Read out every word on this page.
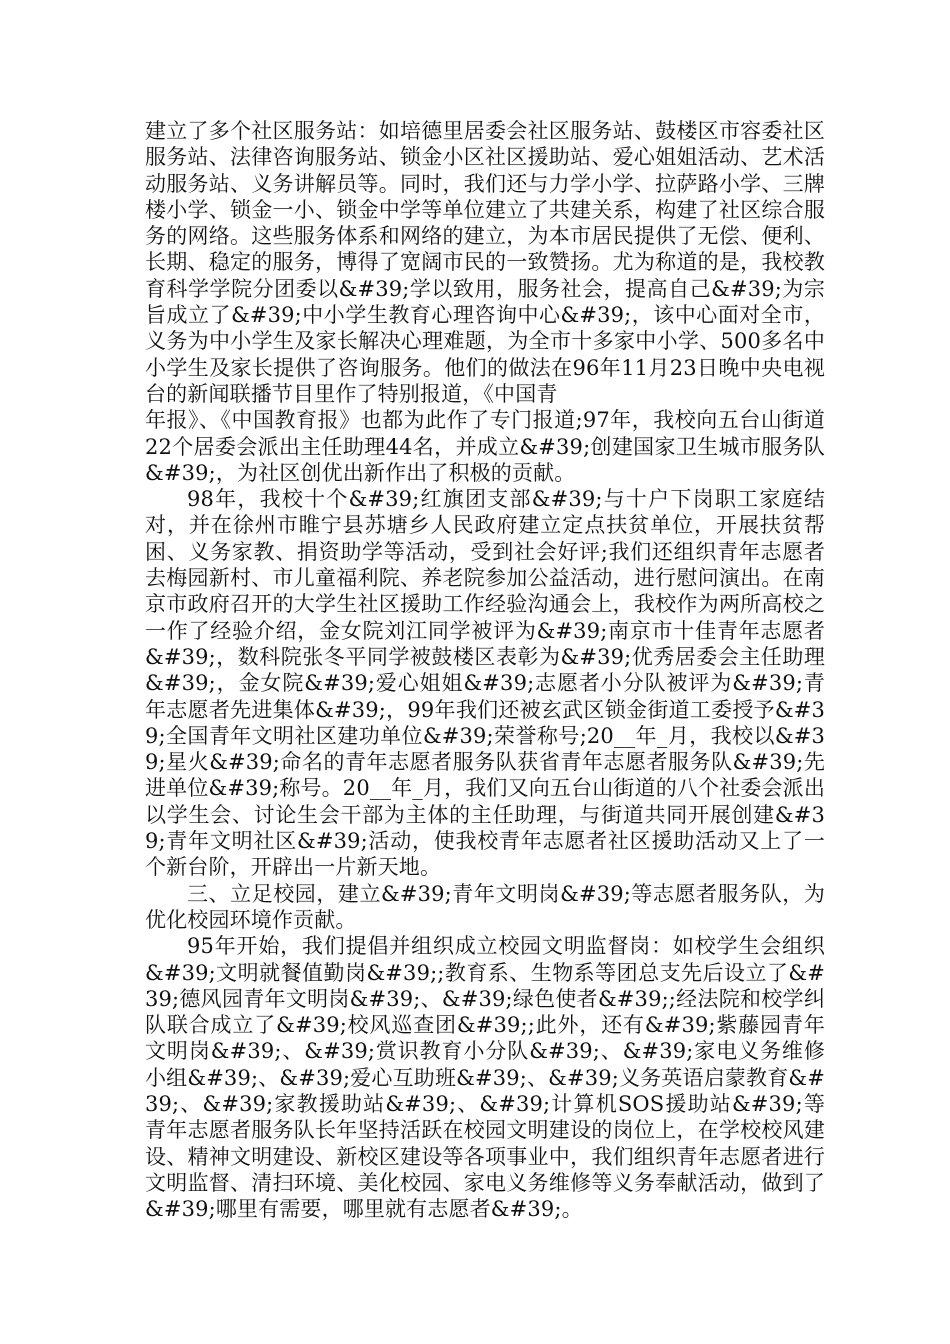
建立了多个社区服务站：如培德里居委会社区服务站、鼓楼区市容委社区服务站、法律咨询服务站、锁金小区社区援助站、爱心姐姐活动、艺术活动服务站、义务讲解员等。同时，我们还与力学小学、拉萨路小学、三牌楼小学、锁金一小、锁金中学等单位建立了共建关系，构建了社区综合服务的网络。这些服务体系和网络的建立，为本市居民提供了无偿、便利、长期、稳定的服务，博得了宽阔市民的一致赞扬。尤为称道的是，我校教育科学学院分团委以&#39;学以致用，服务社会，提高自己&#39;为宗旨成立了&#39;中小学生教育心理咨询中心&#39;，该中心面对全市，义务为中小学生及家长解决心理难题，为全市十多家中小学、500多名中小学生及家长提供了咨询服务。他们的做法在96年11月23日晚中央电视台的新闻联播节目里作了特别报道，《中国青

年报》、《中国教育报》也都为此作了专门报道;97年，我校向五台山街道22个居委会派出主任助理44名，并成立&#39;创建国家卫生城市服务队&#39;，为社区创优出新作出了积极的贡献。

98年，我校十个&#39;红旗团支部&#39;与十户下岗职工家庭结对，并在徐州市睢宁县苏塘乡人民政府建立定点扶贫单位，开展扶贫帮困、义务家教、捐资助学等活动，受到社会好评;我们还组织青年志愿者去梅园新村、市儿童福利院、养老院参加公益活动，进行慰问演出。在南京市政府召开的大学生社区援助工作经验沟通会上，我校作为两所高校之一作了经验介绍，金女院刘江同学被评为&#39;南京市十佳青年志愿者&#39;，数科院张冬平同学被鼓楼区表彰为&#39;优秀居委会主任助理&#39;，金女院&#39;爱心姐姐&#39;志愿者小分队被评为&#39;青年志愿者先进集体&#39;，99年我们还被玄武区锁金街道工委授予&#39;全国青年文明社区建功单位&#39;荣誉称号;20__年_月，我校以&#39;星火&#39;命名的青年志愿者服务队获省青年志愿者服务队&#39;先进单位&#39;称号。20__年_月，我们又向五台山街道的八个社委会派出以学生会、讨论生会干部为主体的主任助理，与街道共同开展创建&#39;青年文明社区&#39;活动，使我校青年志愿者社区援助活动又上了一个新台阶，开辟出一片新天地。

三、立足校园，建立&#39;青年文明岗&#39;等志愿者服务队，为优化校园环境作贡献。

95年开始，我们提倡并组织成立校园文明监督岗：如校学生会组织&#39;文明就餐值勤岗&#39;;教育系、生物系等团总支先后设立了&#39;德风园青年文明岗&#39;、&#39;绿色使者&#39;;经法院和校学纠队联合成立了&#39;校风巡查团&#39;;此外，还有&#39;紫藤园青年文明岗&#39;、&#39;赏识教育小分队&#39;、&#39;家电义务维修小组&#39;、&#39;爱心互助班&#39;、&#39;义务英语启蒙教育&#39;、&#39;家教援助站&#39;、&#39;计算机SOS援助站&#39;等青年志愿者服务队长年坚持活跃在校园文明建设的岗位上，在学校校风建设、精神文明建设、新校区建设等各项事业中，我们组织青年志愿者进行文明监督、清扫环境、美化校园、家电义务维修等义务奉献活动，做到了&#39;哪里有需要，哪里就有志愿者&#39;。
